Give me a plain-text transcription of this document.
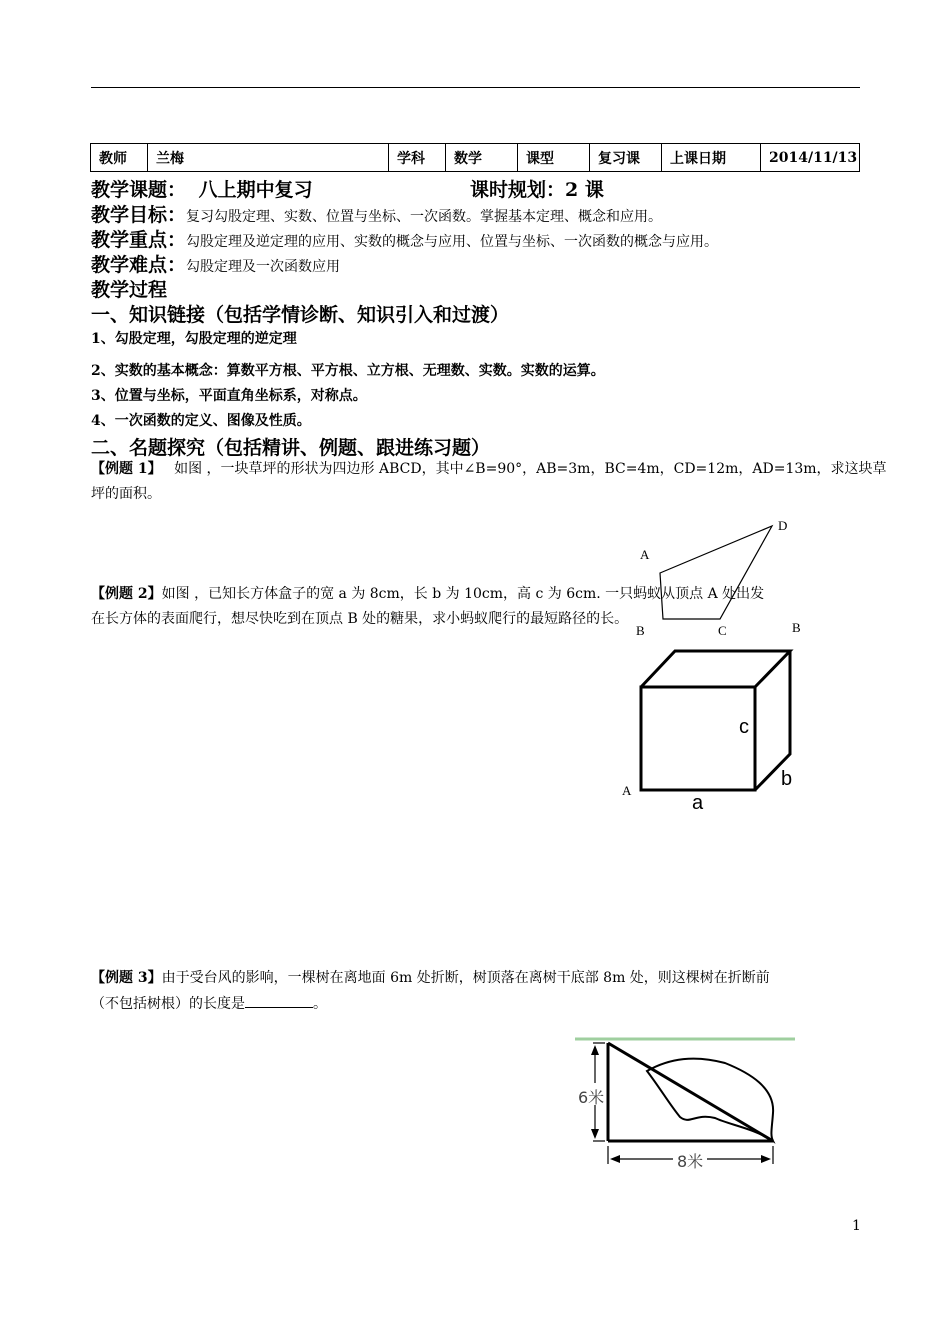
教师	兰梅	学科	数学	课型	复习课	上课日期	2014/11/13
教学课题： 八上期中复习	课时规划：2 课
教学目标：复习勾股定理、实数、位置与坐标、一次函数。掌握基本定理、概念和应用。
教学重点：勾股定理及逆定理的应用、实数的概念与应用、位置与坐标、一次函数的概念与应用。
教学难点：勾股定理及一次函数应用
教学过程
一、知识链接（包括学情诊断、知识引入和过渡）
1、勾股定理，勾股定理的逆定理
2、实数的基本概念：算数平方根、平方根、立方根、无理数、实数。实数的运算。
3、位置与坐标，平面直角坐标系，对称点。
4、一次函数的定义、图像及性质。
二、名题探究（包括精讲、例题、跟进练习题）
【例题 1】 如图 ，一块草坪的形状为四边形 ABCD，其中∠B=90°，AB=3m，BC=4m，CD=12m，AD=13m，求这块草
坪的面积。
A
D
B	C
【例题 2】如图 ，已知长方体盒子的宽 a 为 8cm，长 b 为 10cm，高 c 为 6cm. 一只蚂蚁从顶点 A 处出发
在长方体的表面爬行，想尽快吃到在顶点 B 处的糖果，求小蚂蚁爬行的最短路径的长。
A
B
c
b
a
【例题 3】由于受台风的影响，一棵树在离地面 6m 处折断，树顶落在离树干底部 8m 处，则这棵树在折断前
（不包括树根）的长度是	。
6米
8米
1
